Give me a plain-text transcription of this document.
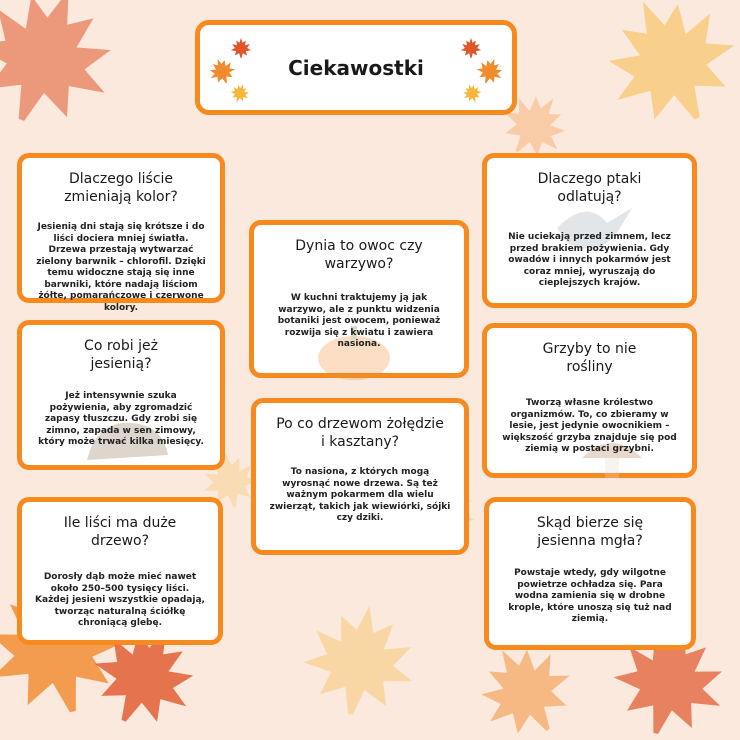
Ciekawostki
Dlaczego liście zmieniają kolor?
Jesienią dni stają się krótsze i do liści dociera mniej światła. Drzewa przestają wytwarzać zielony barwnik – chlorofil. Dzięki temu widoczne stają się inne barwniki, które nadają liściom żółte, pomarańczowe i czerwone kolory.
Co robi jeż jesienią?
Jeż intensywnie szuka pożywienia, aby zgromadzić zapasy tłuszczu. Gdy zrobi się zimno, zapada w sen zimowy, który może trwać kilka miesięcy.
Ile liści ma duże drzewo?
Dorosły dąb może mieć nawet około 250–500 tysięcy liści. Każdej jesieni wszystkie opadają, tworząc naturalną ściółkę chroniącą glebę.
Dynia to owoc czy warzywo?
W kuchni traktujemy ją jak warzywo, ale z punktu widzenia botaniki jest owocem, ponieważ rozwija się z kwiatu i zawiera nasiona.
Po co drzewom żołędzie i kasztany?
To nasiona, z których mogą wyrosnąć nowe drzewa. Są też ważnym pokarmem dla wielu zwierząt, takich jak wiewiórki, sójki czy dziki.
Dlaczego ptaki odlatują?
Nie uciekają przed zimnem, lecz przed brakiem pożywienia. Gdy owadów i innych pokarmów jest coraz mniej, wyruszają do cieplejszych krajów.
Grzyby to nie rośliny
Tworzą własne królestwo organizmów. To, co zbieramy w lesie, jest jedynie owocnikiem – większość grzyba znajduje się pod ziemią w postaci grzybni.
Skąd bierze się jesienna mgła?
Powstaje wtedy, gdy wilgotne powietrze ochładza się. Para wodna zamienia się w drobne krople, które unoszą się tuż nad ziemią.
